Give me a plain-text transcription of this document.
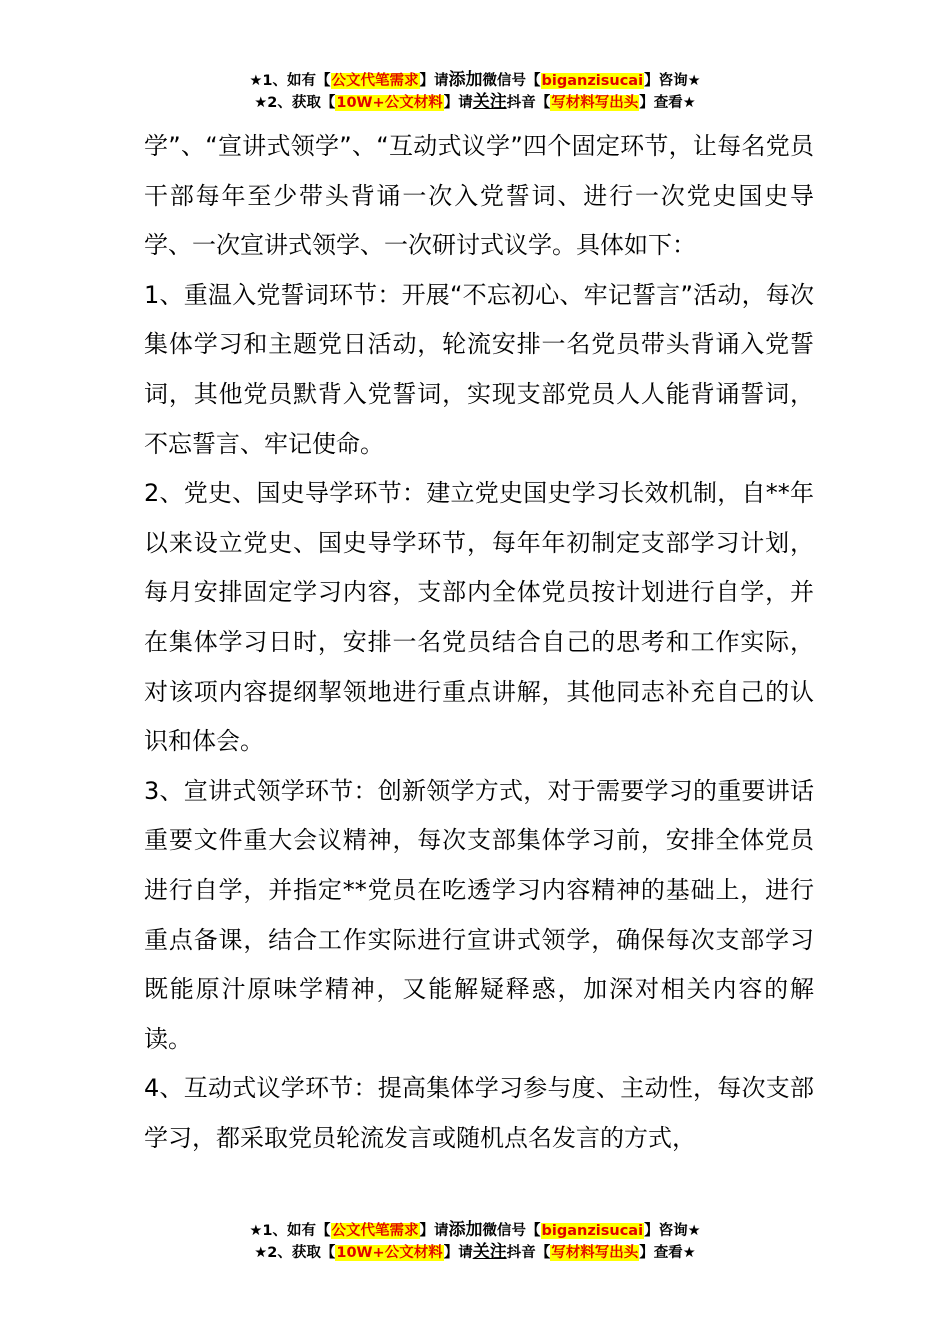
★1、如有【公文代笔需求】请添加微信号【biganzisucai】咨询★
★2、获取【10W+公文材料】请关注抖音【写材料写出头】查看★

学”、“宣讲式领学”、“互动式议学”四个固定环节，让每名党员干部每年至少带头背诵一次入党誓词、进行一次党史国史导学、一次宣讲式领学、一次研讨式议学。具体如下：

1、重温入党誓词环节：开展“不忘初心、牢记誓言”活动，每次集体学习和主题党日活动，轮流安排一名党员带头背诵入党誓词，其他党员默背入党誓词，实现支部党员人人能背诵誓词，不忘誓言、牢记使命。

2、党史、国史导学环节：建立党史国史学习长效机制，自**年以来设立党史、国史导学环节，每年年初制定支部学习计划，每月安排固定学习内容，支部内全体党员按计划进行自学，并在集体学习日时，安排一名党员结合自己的思考和工作实际，对该项内容提纲挈领地进行重点讲解，其他同志补充自己的认识和体会。

3、宣讲式领学环节：创新领学方式，对于需要学习的重要讲话重要文件重大会议精神，每次支部集体学习前，安排全体党员进行自学，并指定**党员在吃透学习内容精神的基础上，进行重点备课，结合工作实际进行宣讲式领学，确保每次支部学习既能原汁原味学精神，又能解疑释惑，加深对相关内容的解读。

4、互动式议学环节：提高集体学习参与度、主动性，每次支部学习，都采取党员轮流发言或随机点名发言的方式，

★1、如有【公文代笔需求】请添加微信号【biganzisucai】咨询★
★2、获取【10W+公文材料】请关注抖音【写材料写出头】查看★
